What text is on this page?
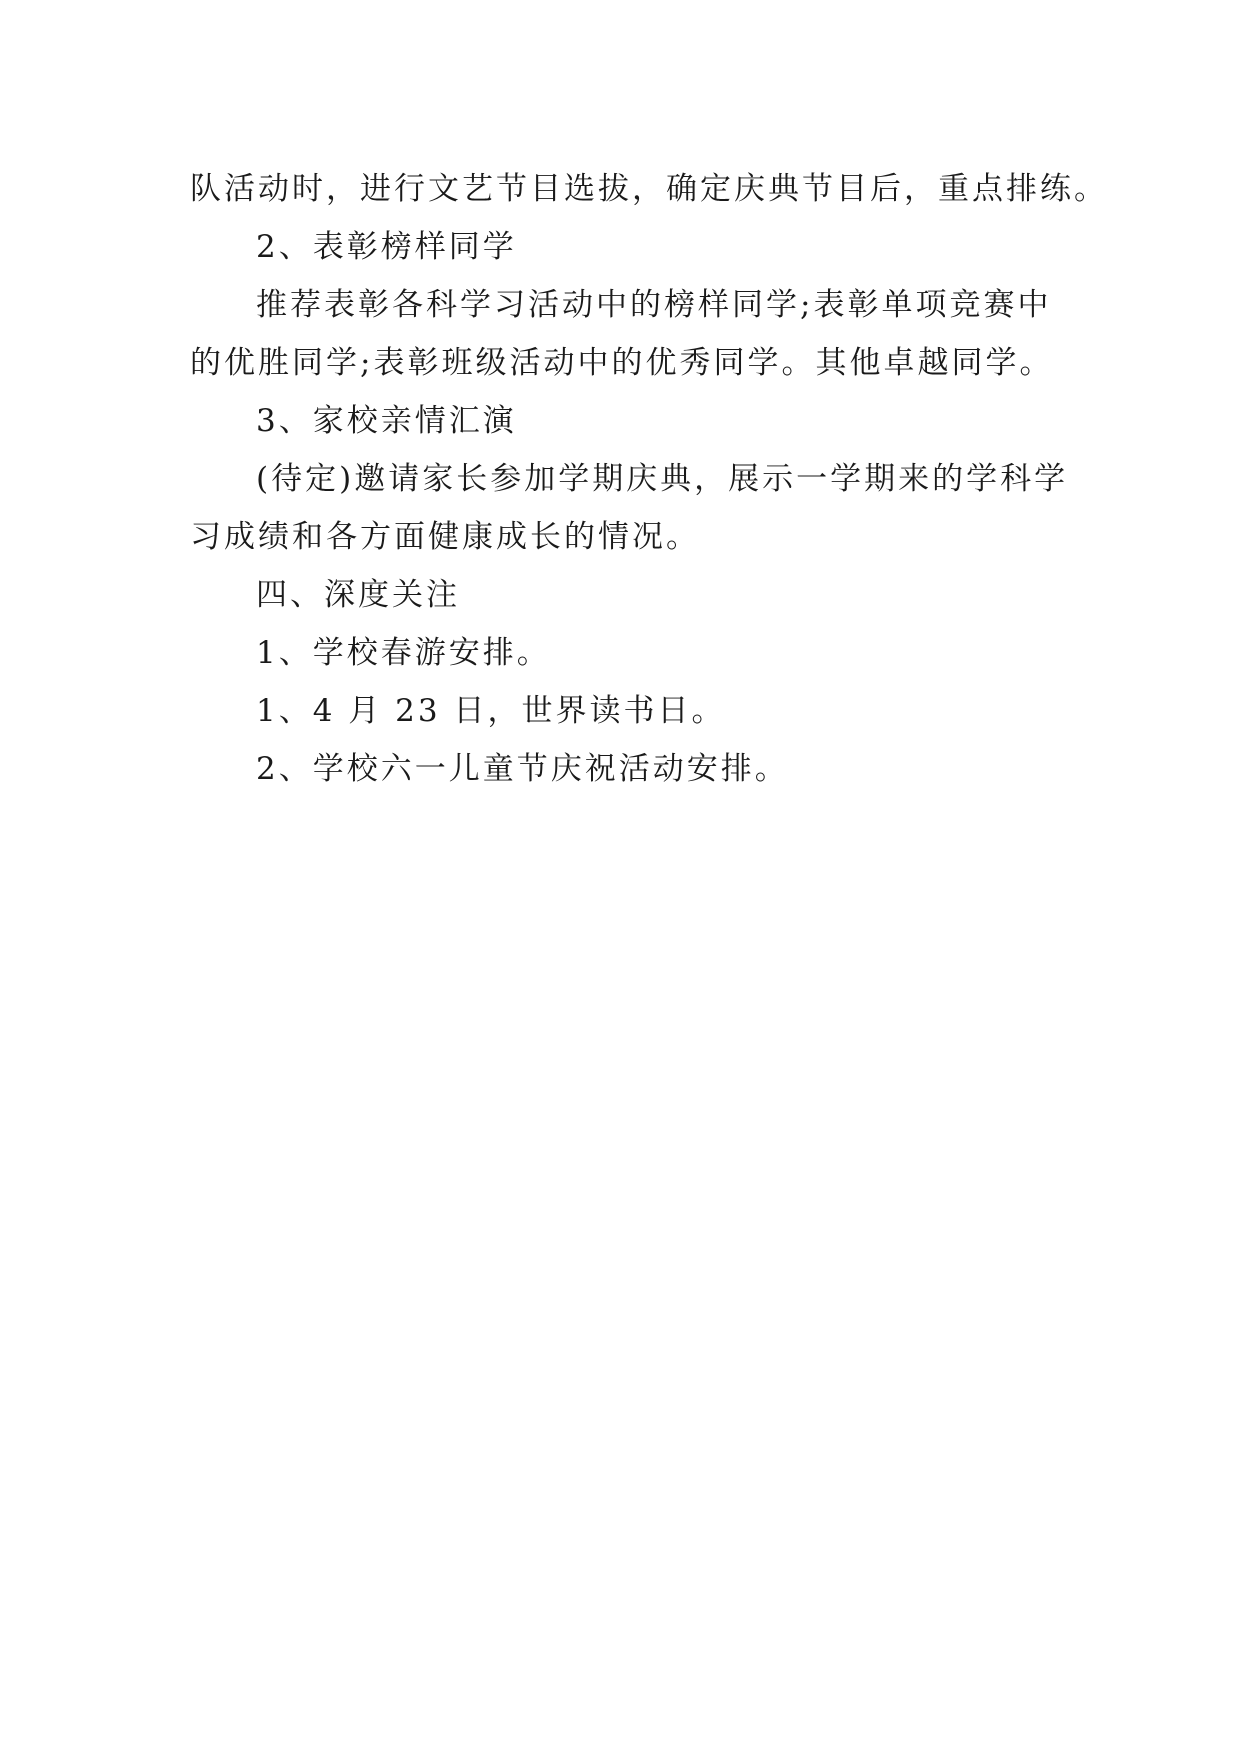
队活动时，进行文艺节目选拔，确定庆典节目后，重点排练。
2、表彰榜样同学
推荐表彰各科学习活动中的榜样同学;表彰单项竞赛中
的优胜同学;表彰班级活动中的优秀同学。其他卓越同学。
3、家校亲情汇演
(待定)邀请家长参加学期庆典，展示一学期来的学科学
习成绩和各方面健康成长的情况。
四、深度关注
1、学校春游安排。
1、4 月 23 日，世界读书日。
2、学校六一儿童节庆祝活动安排。
